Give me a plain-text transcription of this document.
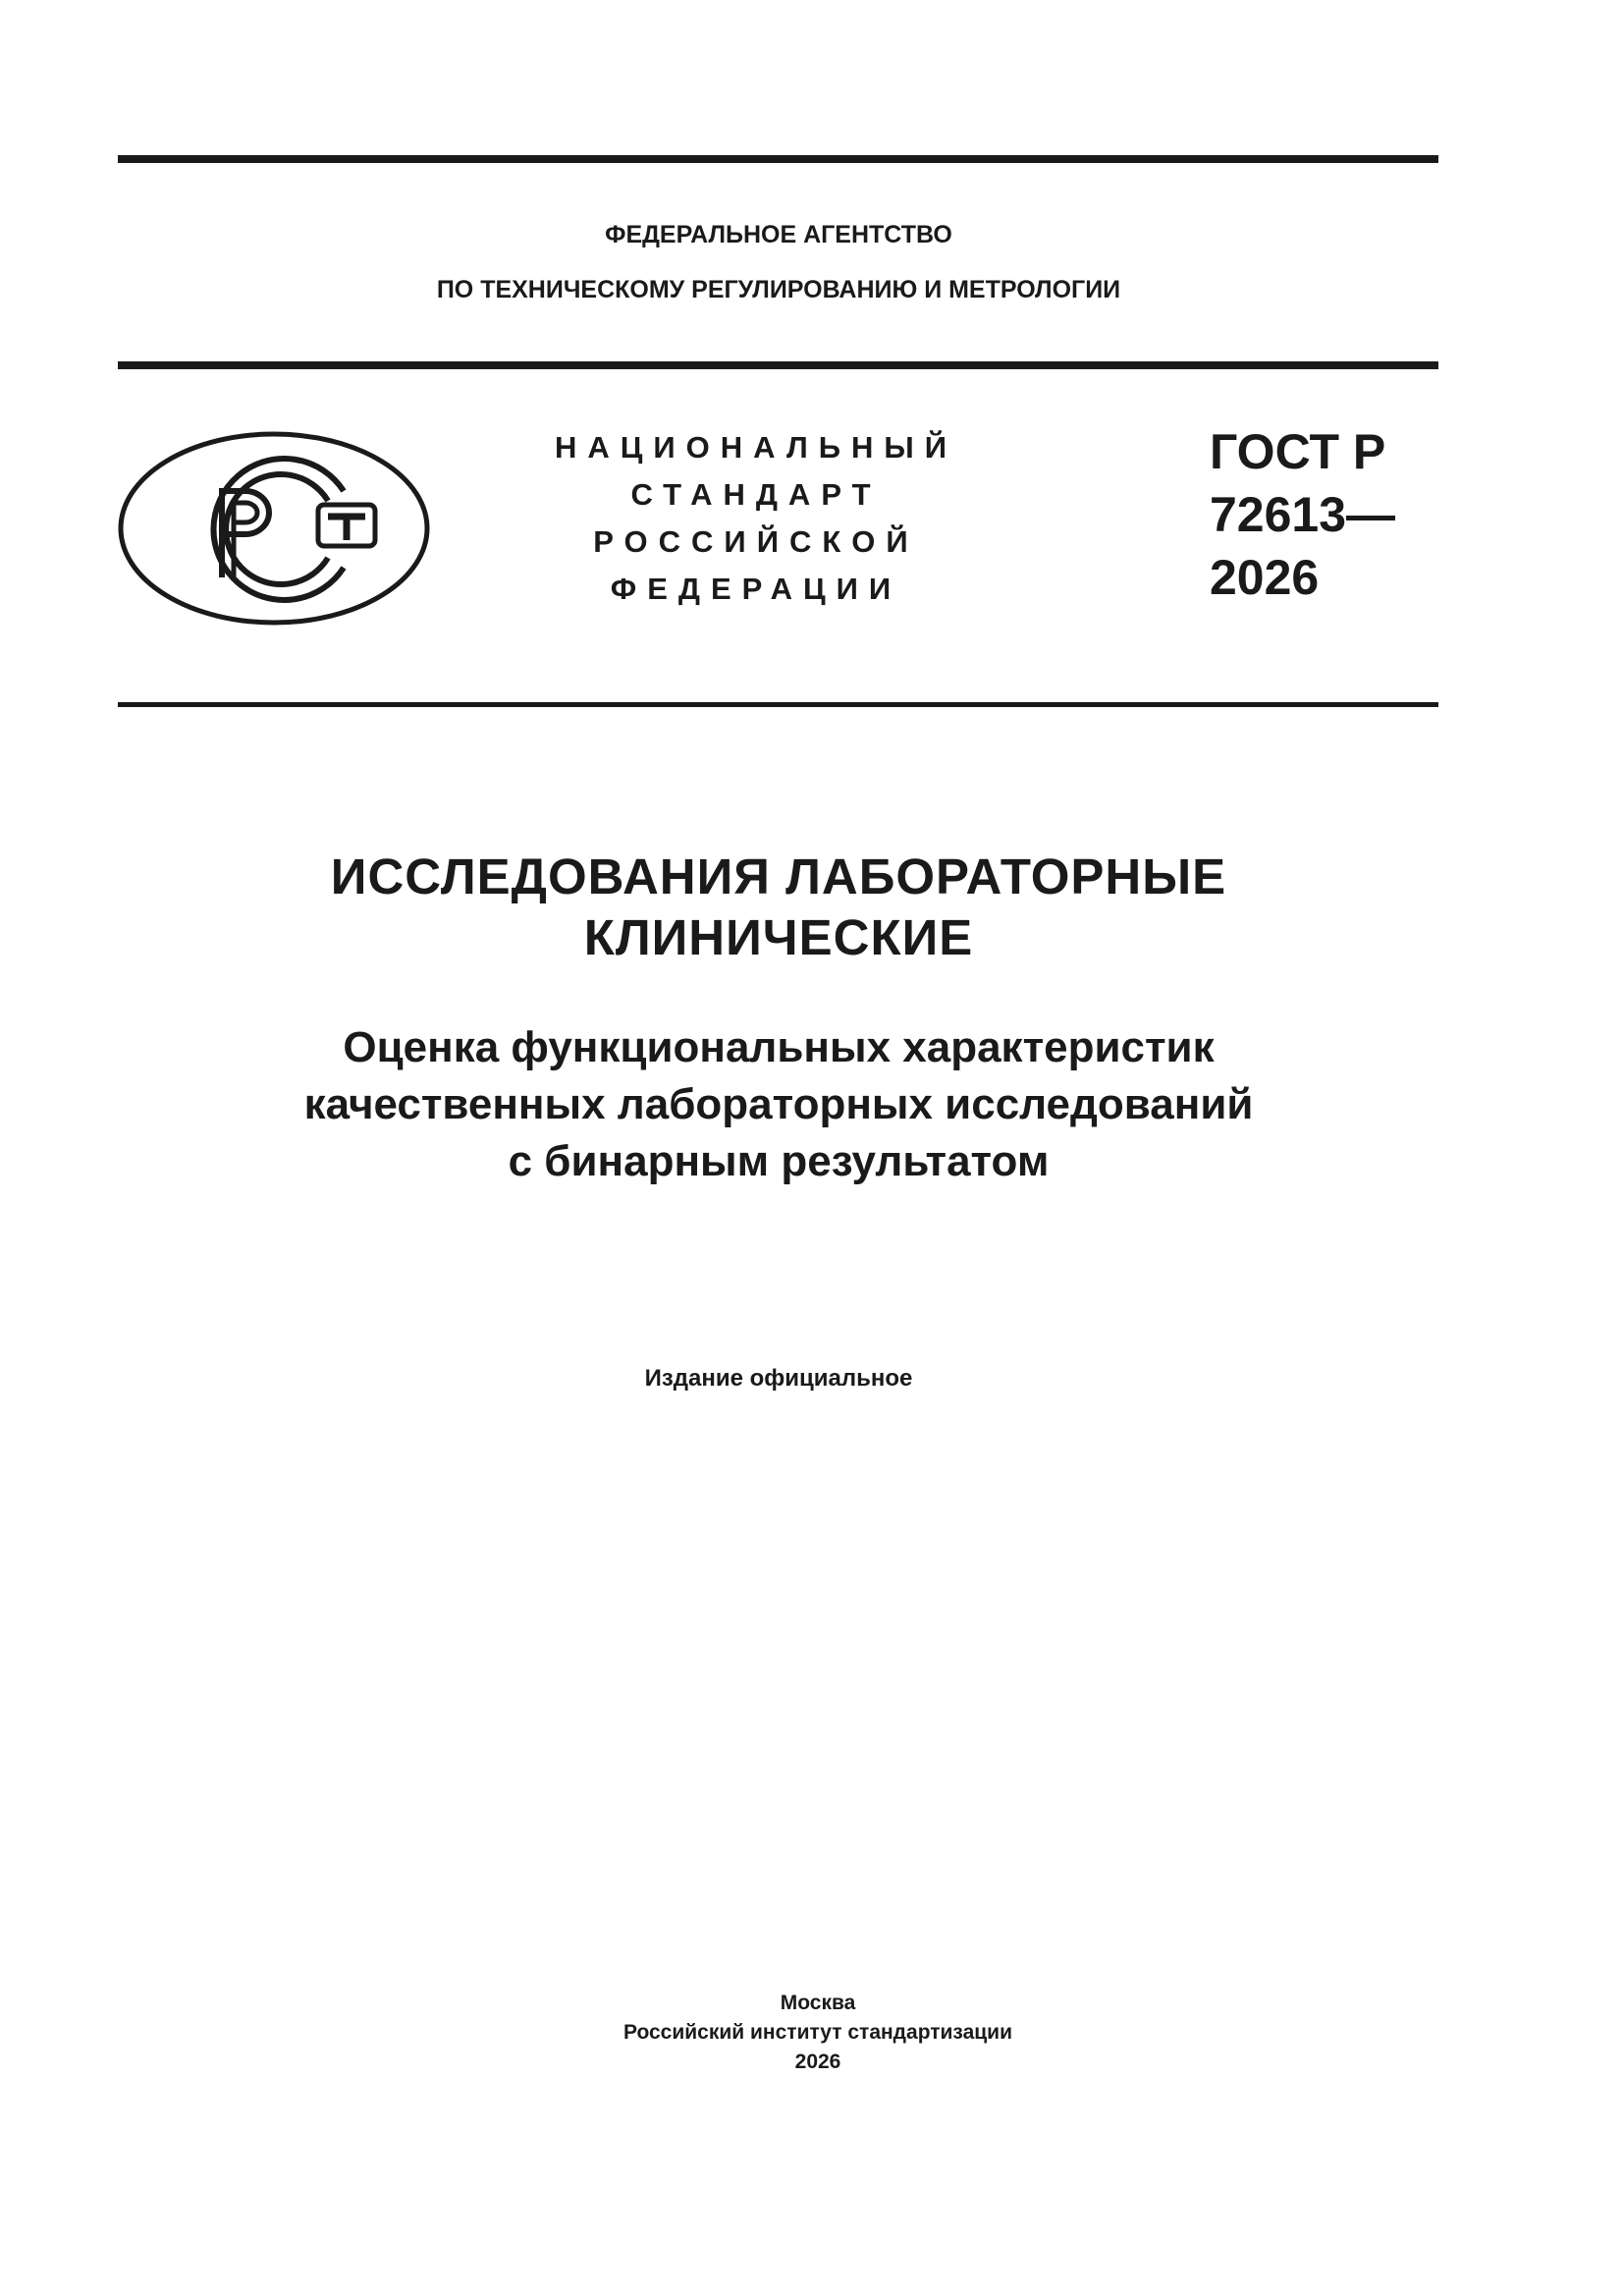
ФЕДЕРАЛЬНОЕ АГЕНТСТВО
ПО ТЕХНИЧЕСКОМУ РЕГУЛИРОВАНИЮ И МЕТРОЛОГИИ
НАЦИОНАЛЬНЫЙ
СТАНДАРТ
РОССИЙСКОЙ
ФЕДЕРАЦИИ
ГОСТ Р
72613—
2026
ИССЛЕДОВАНИЯ ЛАБОРАТОРНЫЕ
КЛИНИЧЕСКИЕ
Оценка функциональных характеристик
качественных лабораторных исследований
с бинарным результатом
Издание официальное
Москва
Российский институт стандартизации
2026
